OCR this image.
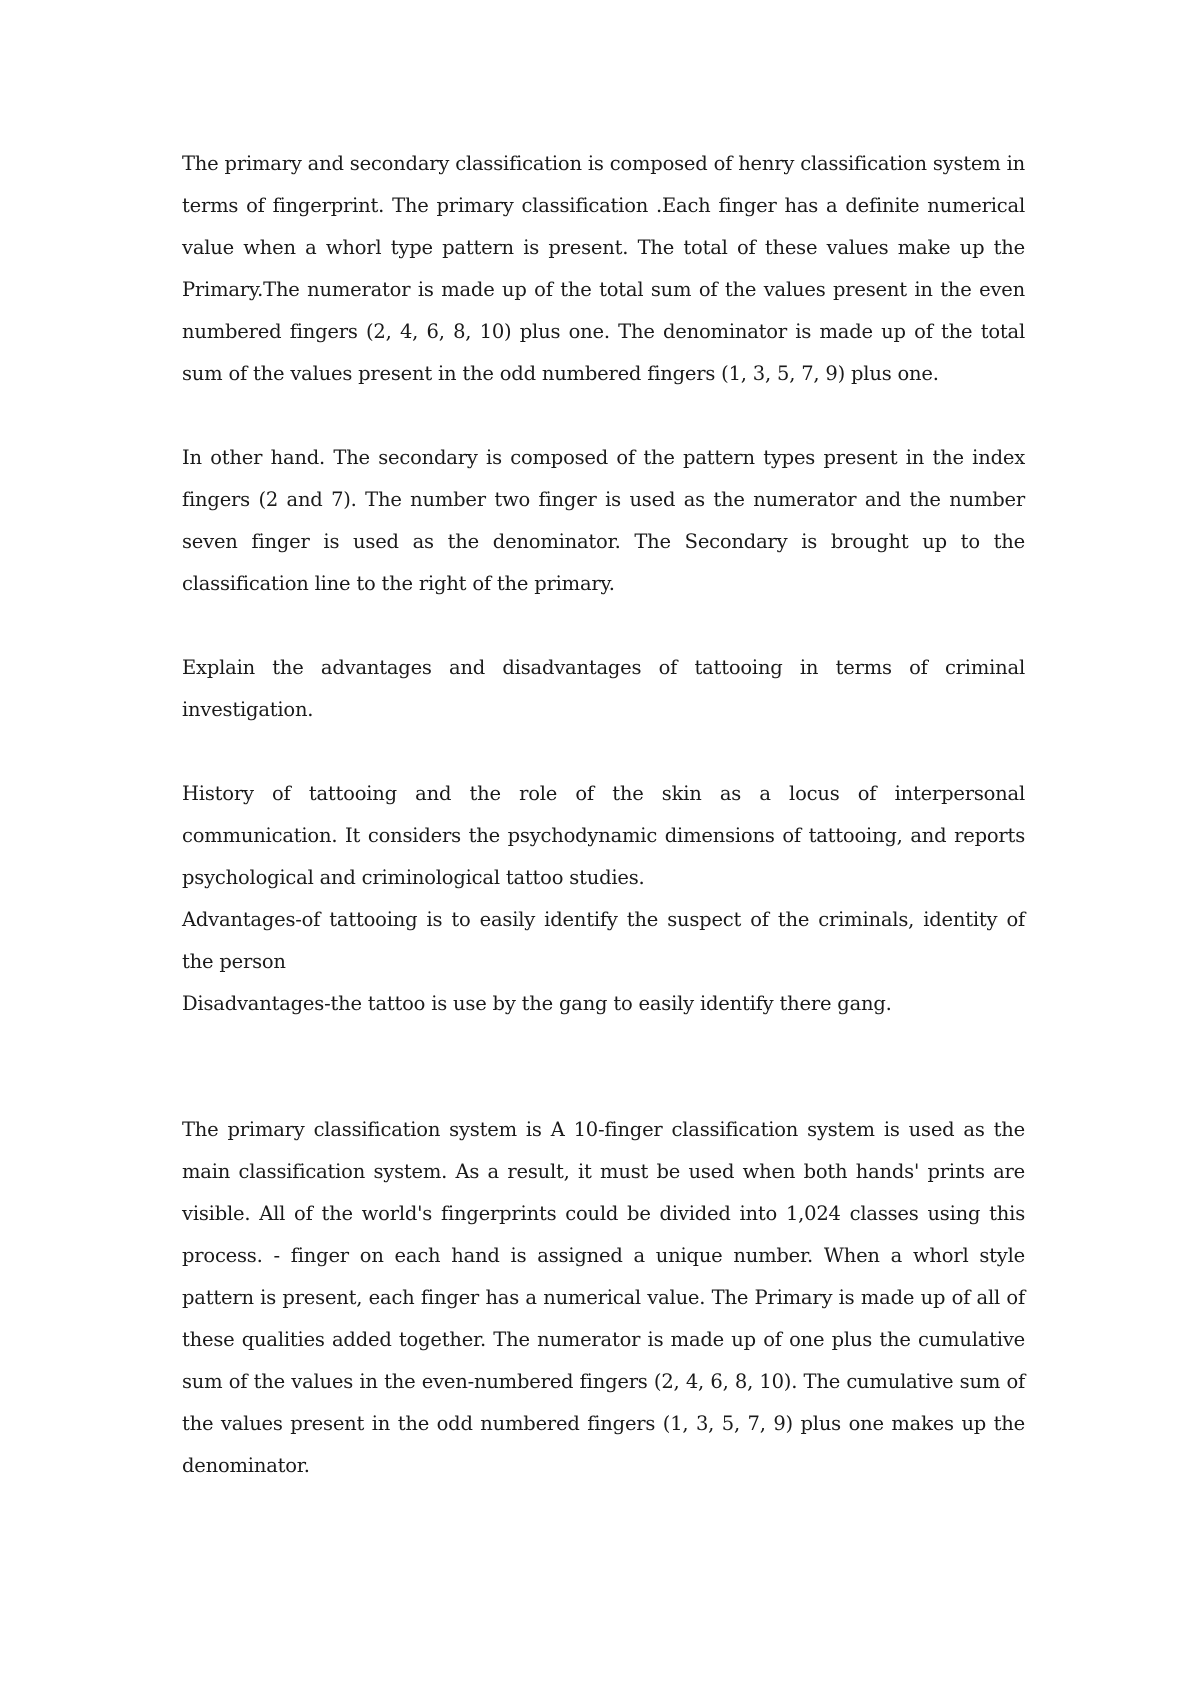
The primary and secondary classification is composed of henry classification system in terms of fingerprint. The primary classification .Each finger has a definite numerical value when a whorl type pattern is present. The total of these values make up the Primary.The numerator is made up of the total sum of the values present in the even numbered fingers (2, 4, 6, 8, 10) plus one. The denominator is made up of the total sum of the values present in the odd numbered fingers (1, 3, 5, 7, 9) plus one.

In other hand. The secondary is composed of the pattern types present in the index fingers (2 and 7). The number two finger is used as the numerator and the number seven finger is used as the denominator. The Secondary is brought up to the classification line to the right of the primary.

Explain the advantages and disadvantages of tattooing in terms of criminal investigation.

History of tattooing and the role of the skin as a locus of interpersonal communication. It considers the psychodynamic dimensions of tattooing, and reports psychological and criminological tattoo studies.

Advantages-of tattooing is to easily identify the suspect of the criminals, identity of the person

Disadvantages-the tattoo is use by the gang to easily identify there gang.

The primary classification system is A 10-finger classification system is used as the main classification system. As a result, it must be used when both hands' prints are visible. All of the world's fingerprints could be divided into 1,024 classes using this process. - finger on each hand is assigned a unique number. When a whorl style pattern is present, each finger has a numerical value. The Primary is made up of all of these qualities added together. The numerator is made up of one plus the cumulative sum of the values in the even-numbered fingers (2, 4, 6, 8, 10). The cumulative sum of the values present in the odd numbered fingers (1, 3, 5, 7, 9) plus one makes up the denominator.
